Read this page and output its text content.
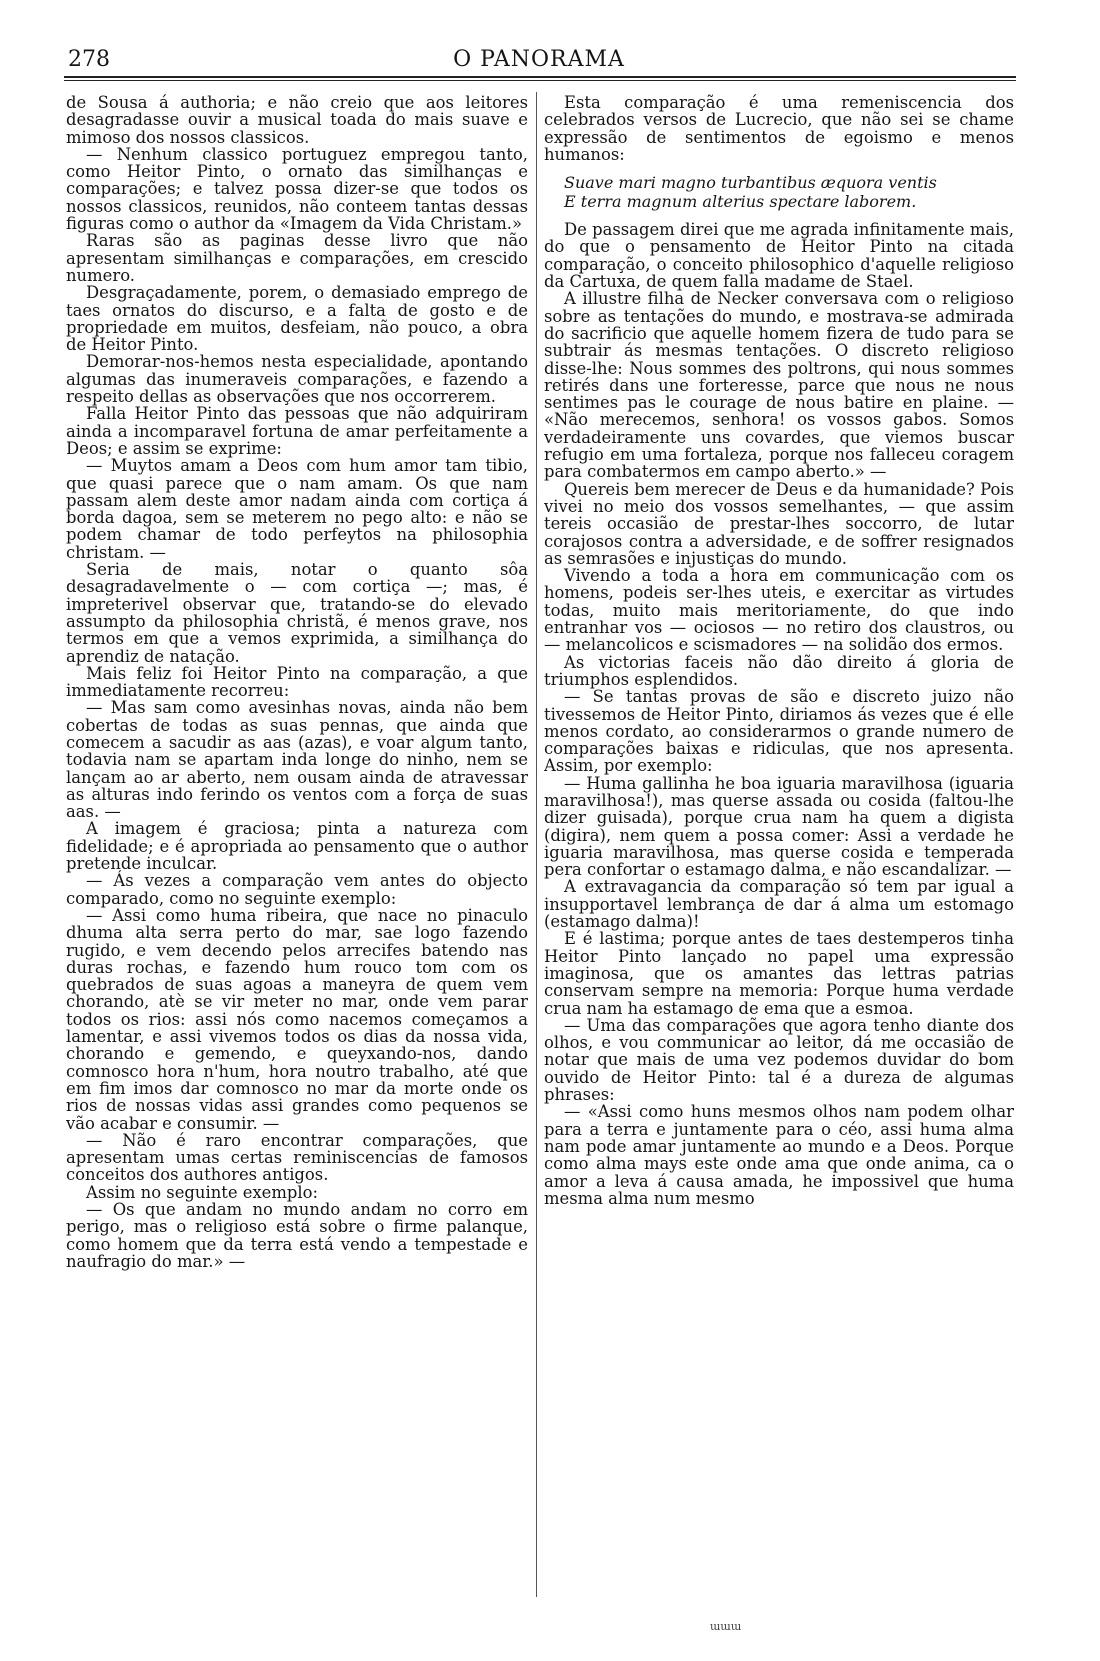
278	O PANORAMA

de Sousa á authoria; e não creio que aos leitores desagradasse ouvir a musical toada do mais suave e mimoso dos nossos classicos.

— Nenhum classico portuguez empregou tanto, como Heitor Pinto, o ornato das similhanças e comparações; e talvez possa dizer-se que todos os nossos classicos, reunidos, não conteem tantas dessas figuras como o author da «Imagem da Vida Christam.»

Raras são as paginas desse livro que não apresentam similhanças e comparações, em crescido numero.

Desgraçadamente, porem, o demasiado emprego de taes ornatos do discurso, e a falta de gosto e de propriedade em muitos, desfeiam, não pouco, a obra de Heitor Pinto.

Demorar-nos-hemos nesta especialidade, apontando algumas das inumeraveis comparações, e fazendo a respeito dellas as observações que nos occorrerem.

Falla Heitor Pinto das pessoas que não adquiriram ainda a incomparavel fortuna de amar perfeitamente a Deos; e assim se exprime:

— Muytos amam a Deos com hum amor tam tibio, que quasi parece que o nam amam. Os que nam passam alem deste amor nadam ainda com cortiça á borda dagoa, sem se meterem no pego alto: e não se podem chamar de todo perfeytos na philosophia christam. —

Seria de mais, notar o quanto sôa desagradavelmente o — com cortiça —; mas, é impreterivel observar que, tratando-se do elevado assumpto da philosophia christã, é menos grave, nos termos em que a vemos exprimida, a similhança do aprendiz de natação.

Mais feliz foi Heitor Pinto na comparação, a que immediatamente recorreu:

— Mas sam como avesinhas novas, ainda não bem cobertas de todas as suas pennas, que ainda que comecem a sacudir as aas (azas), e voar algum tanto, todavia nam se apartam inda longe do ninho, nem se lançam ao ar aberto, nem ousam ainda de atravessar as alturas indo ferindo os ventos com a força de suas aas. —

A imagem é graciosa; pinta a natureza com fidelidade; e é apropriada ao pensamento que o author pretende inculcar.

— Ás vezes a comparação vem antes do objecto comparado, como no seguinte exemplo:

— Assi como huma ribeira, que nace no pinaculo dhuma alta serra perto do mar, sae logo fazendo rugido, e vem decendo pelos arrecifes batendo nas duras rochas, e fazendo hum rouco tom com os quebrados de suas agoas a maneyra de quem vem chorando, atè se vir meter no mar, onde vem parar todos os rios: assi nós como nacemos começamos a lamentar, e assi vivemos todos os dias da nossa vida, chorando e gemendo, e queyxando-nos, dando comnosco hora n'hum, hora noutro trabalho, até que em fim imos dar comnosco no mar da morte onde os rios de nossas vidas assi grandes como pequenos se vão acabar e consumir. —

— Não é raro encontrar comparações, que apresentam umas certas reminiscencias de famosos conceitos dos authores antigos.

Assim no seguinte exemplo:

— Os que andam no mundo andam no corro em perigo, mas o religioso está sobre o firme palanque, como homem que da terra está vendo a tempestade e naufragio do mar.» —

Esta comparação é uma remeniscencia dos celebrados versos de Lucrecio, que não sei se chame expressão de sentimentos de egoismo e menos humanos:

Suave mari magno turbantibus æquora ventis

E terra magnum alterius spectare laborem.

De passagem direi que me agrada infinitamente mais, do que o pensamento de Heitor Pinto na citada comparação, o conceito philosophico d'aquelle religioso da Cartuxa, de quem falla madame de Stael.

A illustre filha de Necker conversava com o religioso sobre as tentações do mundo, e mostrava-se admirada do sacrificio que aquelle homem fizera de tudo para se subtrair ás mesmas tentações. O discreto religioso disse-lhe: Nous sommes des poltrons, qui nous sommes retirés dans une forteresse, parce que nous ne nous sentimes pas le courage de nous batire en plaine. — «Não merecemos, senhora! os vossos gabos. Somos verdadeiramente uns covardes, que viemos buscar refugio em uma fortaleza, porque nos falleceu coragem para combatermos em campo aberto.» —

Quereis bem merecer de Deus e da humanidade? Pois vivei no meio dos vossos semelhantes, — que assim tereis occasião de prestar-lhes soccorro, de lutar corajosos contra a adversidade, e de soffrer resignados as semrasões e injustiças do mundo.

Vivendo a toda a hora em communicação com os homens, podeis ser-lhes uteis, e exercitar as virtudes todas, muito mais meritoriamente, do que indo entranhar vos — ociosos — no retiro dos claustros, ou — melancolicos e scismadores — na solidão dos ermos.

As victorias faceis não dão direito á gloria de triumphos esplendidos.

— Se tantas provas de são e discreto juizo não tivessemos de Heitor Pinto, diriamos ás vezes que é elle menos cordato, ao considerarmos o grande numero de comparações baixas e ridiculas, que nos apresenta. Assim, por exemplo:

— Huma gallinha he boa iguaria maravilhosa (iguaria maravilhosa!), mas querse assada ou cosida (faltou-lhe dizer guisada), porque crua nam ha quem a digista (digira), nem quem a possa comer: Assi a verdade he iguaria maravilhosa, mas querse cosida e temperada pera confortar o estamago dalma, e não escandalizar. —

A extravagancia da comparação só tem par igual a insupportavel lembrança de dar á alma um estomago (estamago dalma)!

E é lastima; porque antes de taes destemperos tinha Heitor Pinto lançado no papel uma expressão imaginosa, que os amantes das lettras patrias conservam sempre na memoria: Porque huma verdade crua nam ha estamago de ema que a esmoa.

— Uma das comparações que agora tenho diante dos olhos, e vou communicar ao leitor, dá me occasião de notar que mais de uma vez podemos duvidar do bom ouvido de Heitor Pinto: tal é a dureza de algumas phrases:

— «Assi como huns mesmos olhos nam podem olhar para a terra e juntamente para o céo, assi huma alma nam pode amar juntamente ao mundo e a Deos. Porque como alma mays este onde ama que onde anima, ca o amor a leva á causa amada, he impossivel que huma mesma alma num mesmo

ɯɯɯ
